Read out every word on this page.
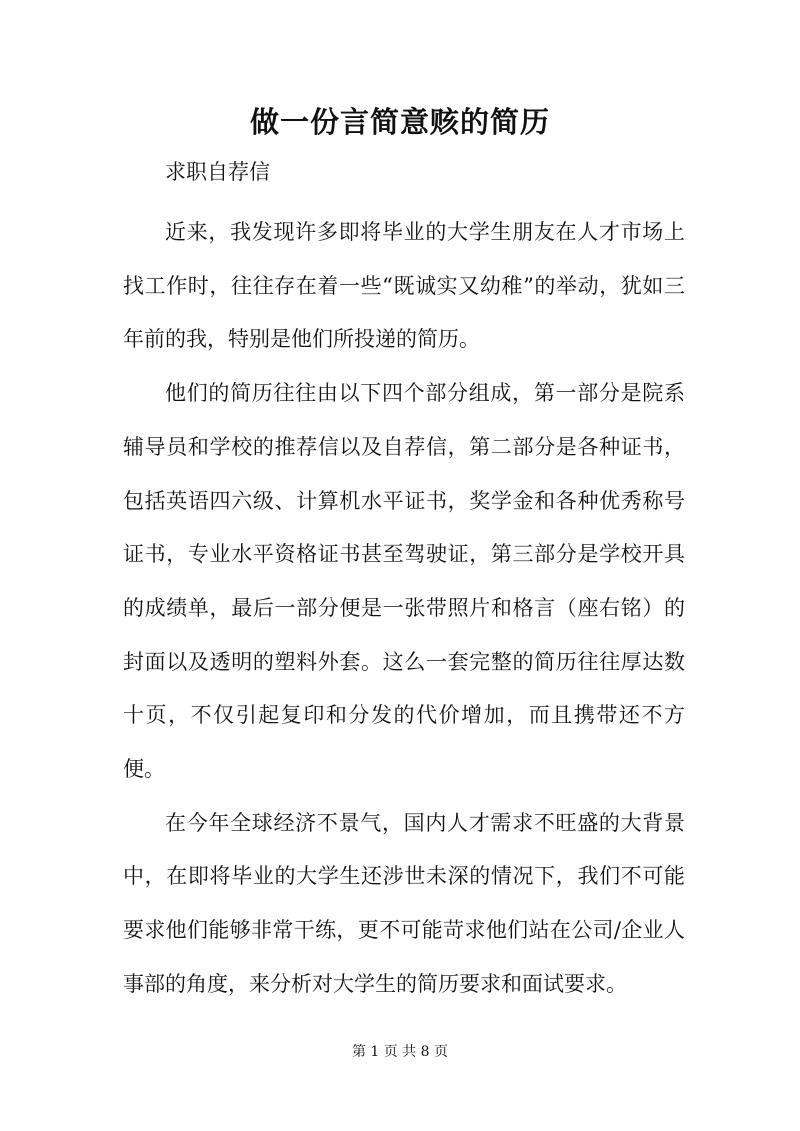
做一份言简意赅的简历

求职自荐信

近来，我发现许多即将毕业的大学生朋友在人才市场上找工作时，往往存在着一些“既诚实又幼稚”的举动，犹如三年前的我，特别是他们所投递的简历。

他们的简历往往由以下四个部分组成，第一部分是院系辅导员和学校的推荐信以及自荐信，第二部分是各种证书，包括英语四六级、计算机水平证书，奖学金和各种优秀称号证书，专业水平资格证书甚至驾驶证，第三部分是学校开具的成绩单，最后一部分便是一张带照片和格言（座右铭）的封面以及透明的塑料外套。这么一套完整的简历往往厚达数十页，不仅引起复印和分发的代价增加，而且携带还不方便。

在今年全球经济不景气，国内人才需求不旺盛的大背景中，在即将毕业的大学生还涉世未深的情况下，我们不可能要求他们能够非常干练，更不可能苛求他们站在公司/企业人事部的角度，来分析对大学生的简历要求和面试要求。

第 1 页 共 8 页
